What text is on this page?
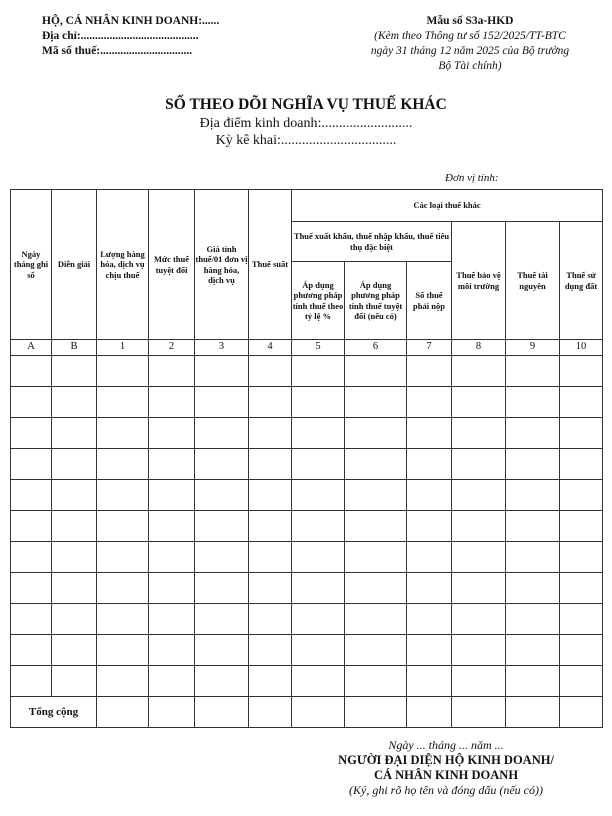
HỘ, CÁ NHÂN KINH DOANH:......
Địa chỉ:.........................................
Mã số thuế:................................
Mẫu số S3a-HKD
(Kèm theo Thông tư số 152/2025/TT-BTC
ngày 31 tháng 12 năm 2025 của Bộ trưởng
Bộ Tài chính)
SỔ THEO DÕI NGHĨA VỤ THUẾ KHÁC
Địa điểm kinh doanh:..........................
Kỳ kê khai:.................................
Đơn vị tính:
Ngày tháng ghi sổ	Diễn giải	Lượng hàng hóa, dịch vụ chịu thuế	Mức thuế tuyệt đối	Giá tính thuế/01 đơn vị hàng hóa, dịch vụ	Thuế suất	Các loại thuế khác					
						Thuế xuất khẩu, thuế nhập khẩu, thuế tiêu thụ đặc biệt			Thuế bảo vệ môi trường	Thuế tài nguyên	Thuế sử dụng đất
						Áp dụng phương pháp tính thuế theo tỷ lệ %	Áp dụng phương pháp tính thuế tuyệt đối (nếu có)	Số thuế phải nộp			
A	B	1	2	3	4	5	6	7	8	9	10

Tổng cộng											
Ngày ... tháng ... năm ...
NGƯỜI ĐẠI DIỆN HỘ KINH DOANH/
CÁ NHÂN KINH DOANH
(Ký, ghi rõ họ tên và đóng dấu (nếu có))
